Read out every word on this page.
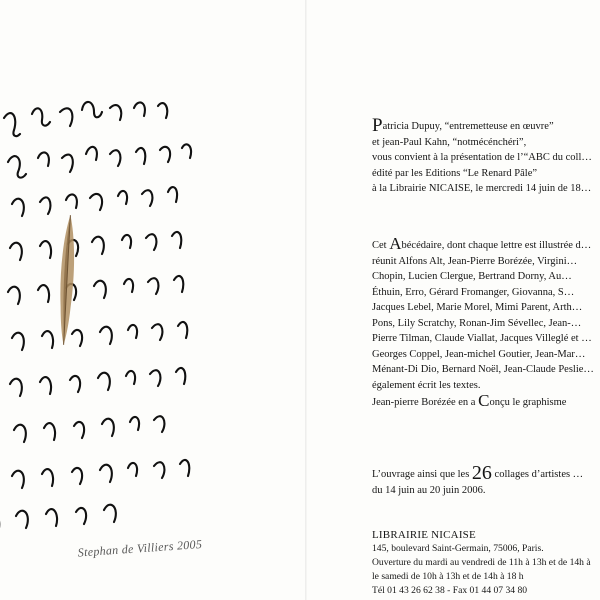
Stephan de Villiers 2005

Patricia Dupuy, “entremetteuse en œuvre”

et jean-Paul Kahn, “notmécénchéri”,

vous convient à la présentation de l’“ABC du coll…

édité par les Editions “Le Renard Pâle”

à la Librairie NICAISE, le mercredi 14 juin de 18…

Cet Abécédaire, dont chaque lettre est illustrée d…

réunit Alfons Alt, Jean-Pierre Borézée, Virgini…

Chopin, Lucien Clergue, Bertrand Dorny, Au…

Éthuin, Erro, Gérard Fromanger, Giovanna, S…

Jacques Lebel, Marie Morel, Mimi Parent, Arth…

Pons, Lily Scratchy, Ronan-Jim Sévellec, Jean-…

Pierre Tilman, Claude Viallat, Jacques Villeglé et …

Georges Coppel, Jean-michel Goutier, Jean-Mar…

Ménant-Di Dio, Bernard Noël, Jean-Claude Peslie…

également écrit les textes.

Jean-pierre Borézée en a Conçu le graphisme

L’ouvrage ainsi que les 26 collages d’artistes …

du 14 juin au 20 juin 2006.

LIBRAIRIE NICAISE

145, boulevard Saint-Germain, 75006, Paris.

Ouverture du mardi au vendredi de 11h à 13h et de 14h à

le samedi de 10h à 13h et de 14h à 18 h

Tél 01 43 26 62 38 - Fax 01 44 07 34 80
